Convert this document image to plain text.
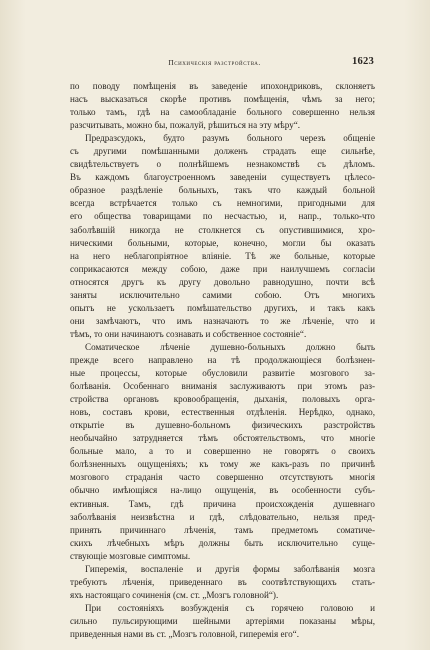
Психическiя разстройства.	1623
по поводу помѣщенiя въ заведенiе ипохондриковъ, склоняетъ
насъ высказаться скорѣе противъ помѣщенiя, чѣмъ за него;
только тамъ, гдѣ на самообладанiе больного совершенно нельзя
разсчитывать, можно бы, пожалуй, рѣшиться на эту мѣру“.
Предразсудокъ, будто разумъ больного черезъ общенiе
съ другими помѣшанными долженъ страдать еще сильнѣе,
свидѣтельствуетъ о полнѣйшемъ незнакомствѣ съ дѣломъ.
Въ каждомъ благоустроенномъ заведенiи существуетъ цѣлесо-
образное раздѣленiе больныхъ, такъ что каждый больной
всегда встрѣчается только съ немногими, пригодными для
его общества товарищами по несчастью, и, напр., только-что
заболѣвшiй никогда не столкнется съ опустившимися, хро-
ническими больными, которые, конечно, могли бы оказать
на него неблагопрiятное влiянiе. Тѣ же больные, которые
соприкасаются между собою, даже при наилучшемъ согласiи
относятся другъ къ другу довольно равнодушно, почти всѣ
заняты исключительно самими собою. Отъ многихъ
опытъ не ускользаетъ помѣшательство другихъ, и такъ какъ
они замѣчаютъ, что имъ назначаютъ то же лѣченiе, что и
тѣмъ, то они начинаютъ сознавать и собственное состоянiе“.
Соматическое лѣченiе душевно-больныхъ должно быть
прежде всего направлено на тѣ продолжающiеся болѣзнен-
ные процессы, которые обусловили развитiе мозгового за-
болѣванiя. Особеннаго вниманiя заслуживаютъ при этомъ раз-
стройства органовъ кровообращенiя, дыханiя, половыхъ орга-
новъ, составъ крови, естественныя отдѣленiя. Нерѣдко, однако,
открытiе въ душевно-больномъ физическихъ разстройствъ
необычайно затрудняется тѣмъ обстоятельствомъ, что многiе
больные мало, а то и совершенно не говорятъ о своихъ
болѣзненныхъ ощущенiяхъ; къ тому же какъ-разъ по причинѣ
мозгового страданiя часто совершенно отсутствуютъ многiя
обычно имѣющiяся на-лицо ощущенiя, въ особенности субъ-
ективныя. Тамъ, гдѣ причина происхожденiя душевнаго
заболѣванiя неизвѣстна и гдѣ, слѣдовательно, нельзя пред-
принять причиннаго лѣченiя, тамъ предметомъ соматиче-
скихъ лѣчебныхъ мѣръ должны быть исключительно суще-
ствующiе мозговые симптомы.
Гиперемiя, воспаленiе и другiя формы заболѣванiя мозга
требуютъ лѣченiя, приведеннаго въ соотвѣтствующихъ стать-
яхъ настоящаго сочиненiя (см. ст. „Мозгъ головной“).
При состоянiяхъ возбужденiя съ горячею головою и
сильно пульсирующими шейными артерiями показаны мѣры,
приведенныя нами въ ст. „Мозгъ головной, гиперемiя его“.
